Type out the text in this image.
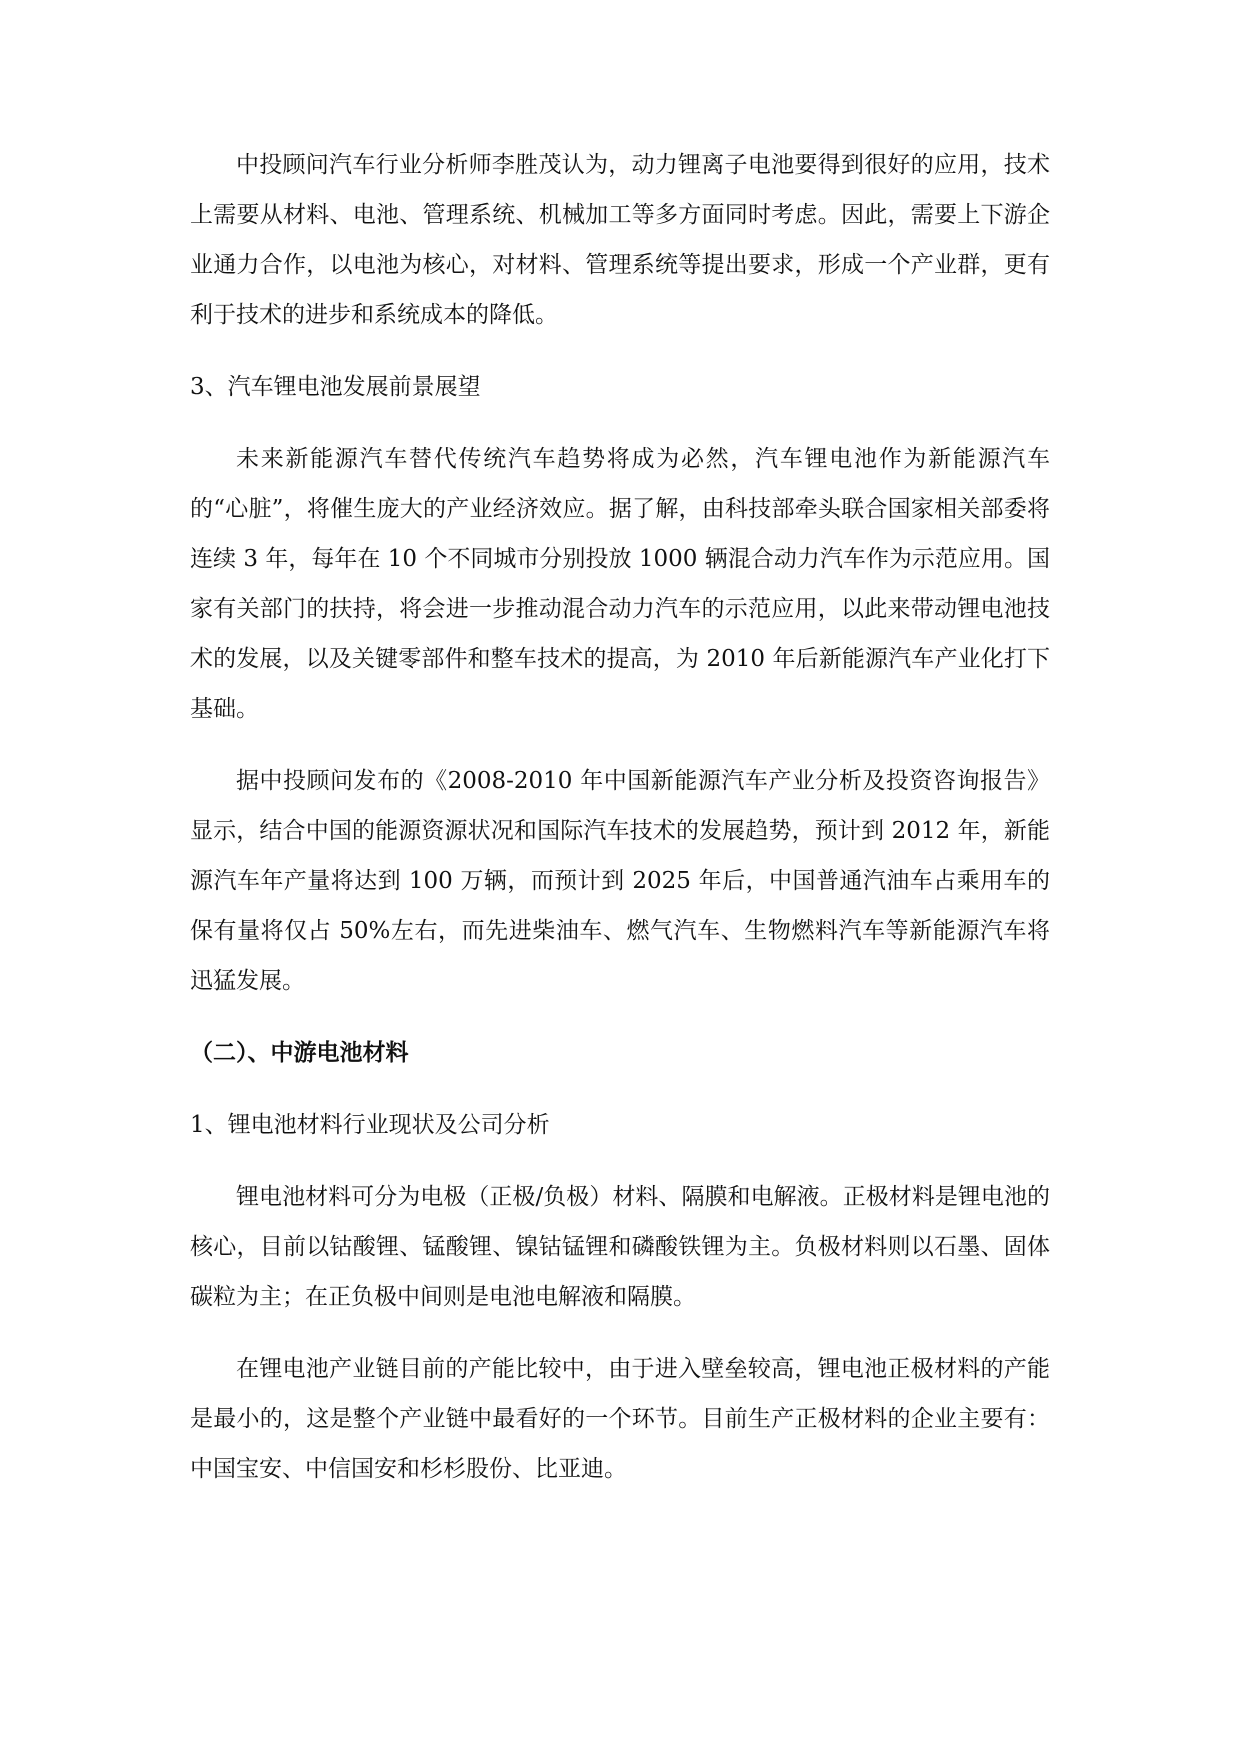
中投顾问汽车行业分析师李胜茂认为，动力锂离子电池要得到很好的应用，技术上需要从材料、电池、管理系统、机械加工等多方面同时考虑。因此，需要上下游企业通力合作，以电池为核心，对材料、管理系统等提出要求，形成一个产业群，更有利于技术的进步和系统成本的降低。

3、汽车锂电池发展前景展望

未来新能源汽车替代传统汽车趋势将成为必然，汽车锂电池作为新能源汽车的“心脏”，将催生庞大的产业经济效应。据了解，由科技部牵头联合国家相关部委将连续 3 年，每年在 10 个不同城市分别投放 1000 辆混合动力汽车作为示范应用。国家有关部门的扶持，将会进一步推动混合动力汽车的示范应用，以此来带动锂电池技术的发展，以及关键零部件和整车技术的提高，为 2010 年后新能源汽车产业化打下基础。

据中投顾问发布的《2008-2010 年中国新能源汽车产业分析及投资咨询报告》显示，结合中国的能源资源状况和国际汽车技术的发展趋势，预计到 2012 年，新能源汽车年产量将达到 100 万辆，而预计到 2025 年后，中国普通汽油车占乘用车的保有量将仅占 50%左右，而先进柴油车、燃气汽车、生物燃料汽车等新能源汽车将迅猛发展。

（二）、中游电池材料

1、锂电池材料行业现状及公司分析

锂电池材料可分为电极（正极/负极）材料、隔膜和电解液。正极材料是锂电池的核心，目前以钴酸锂、锰酸锂、镍钴锰锂和磷酸铁锂为主。负极材料则以石墨、固体碳粒为主；在正负极中间则是电池电解液和隔膜。

在锂电池产业链目前的产能比较中，由于进入壁垒较高，锂电池正极材料的产能是最小的，这是整个产业链中最看好的一个环节。目前生产正极材料的企业主要有：中国宝安、中信国安和杉杉股份、比亚迪。
